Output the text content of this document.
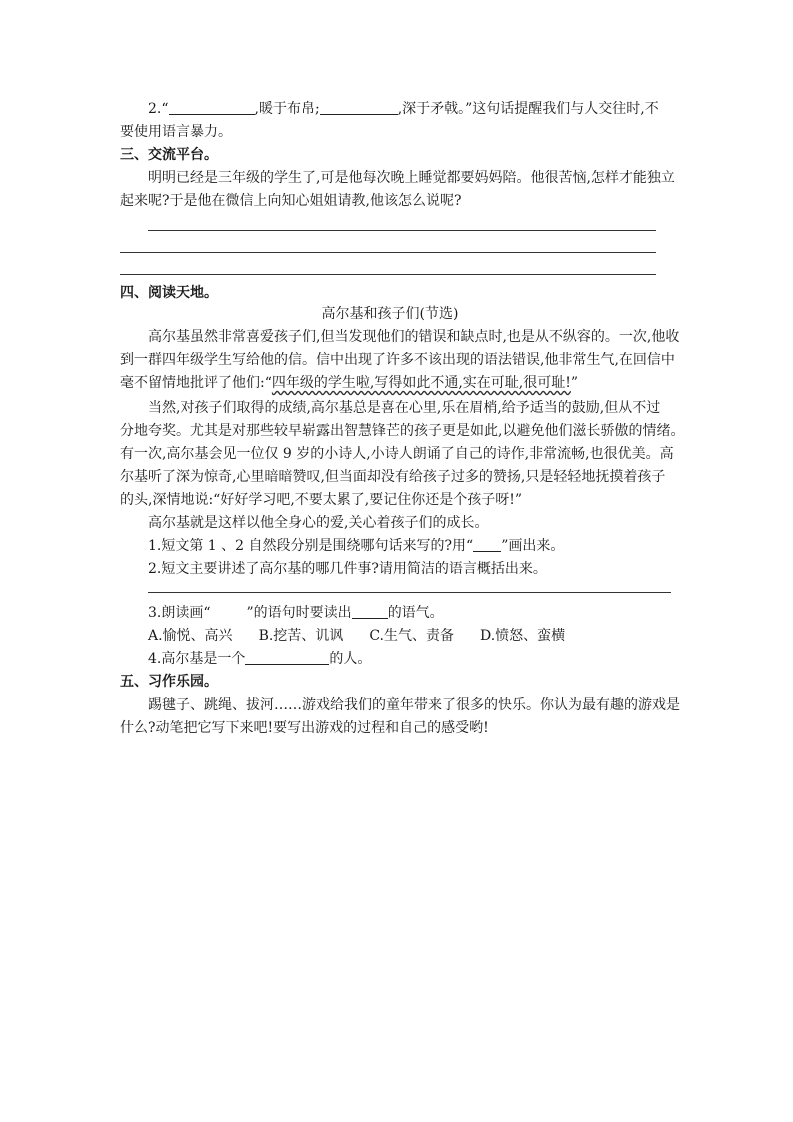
2.“	,暖于布帛;	,深于矛戟。”这句话提醒我们与人交往时,不
要使用语言暴力。
三、交流平台。
明明已经是三年级的学生了,可是他每次晚上睡觉都要妈妈陪。他很苦恼,怎样才能独立
起来呢?于是他在微信上向知心姐姐请教,他该怎么说呢?
四、阅读天地。
高尔基和孩子们(节选)
高尔基虽然非常喜爱孩子们,但当发现他们的错误和缺点时,也是从不纵容的。一次,他收
到一群四年级学生写给他的信。信中出现了许多不该出现的语法错误,他非常生气,在回信中
毫不留情地批评了他们:“四年级的学生啦,写得如此不通,实在可耻,很可耻!”
当然,对孩子们取得的成绩,高尔基总是喜在心里,乐在眉梢,给予适当的鼓励,但从不过
分地夸奖。尤其是对那些较早崭露出智慧锋芒的孩子更是如此,以避免他们滋长骄傲的情绪。
有一次,高尔基会见一位仅 9 岁的小诗人,小诗人朗诵了自己的诗作,非常流畅,也很优美。高
尔基听了深为惊奇,心里暗暗赞叹,但当面却没有给孩子过多的赞扬,只是轻轻地抚摸着孩子
的头,深情地说:“好好学习吧,不要太累了,要记住你还是个孩子呀!”
高尔基就是这样以他全身心的爱,关心着孩子们的成长。
1.短文第 1 、2 自然段分别是围绕哪句话来写的?用“ ”画出来。
2.短文主要讲述了高尔基的哪几件事?请用简洁的语言概括出来。
3.朗读画“	”的语句时要读出	的语气。
A.愉悦、高兴 B.挖苦、讥讽 C.生气、责备 D.愤怒、蛮横
4.高尔基是一个	的人。
五、习作乐园。
踢毽子、跳绳、拔河……游戏给我们的童年带来了很多的快乐。你认为最有趣的游戏是
什么?动笔把它写下来吧!要写出游戏的过程和自己的感受哟!
